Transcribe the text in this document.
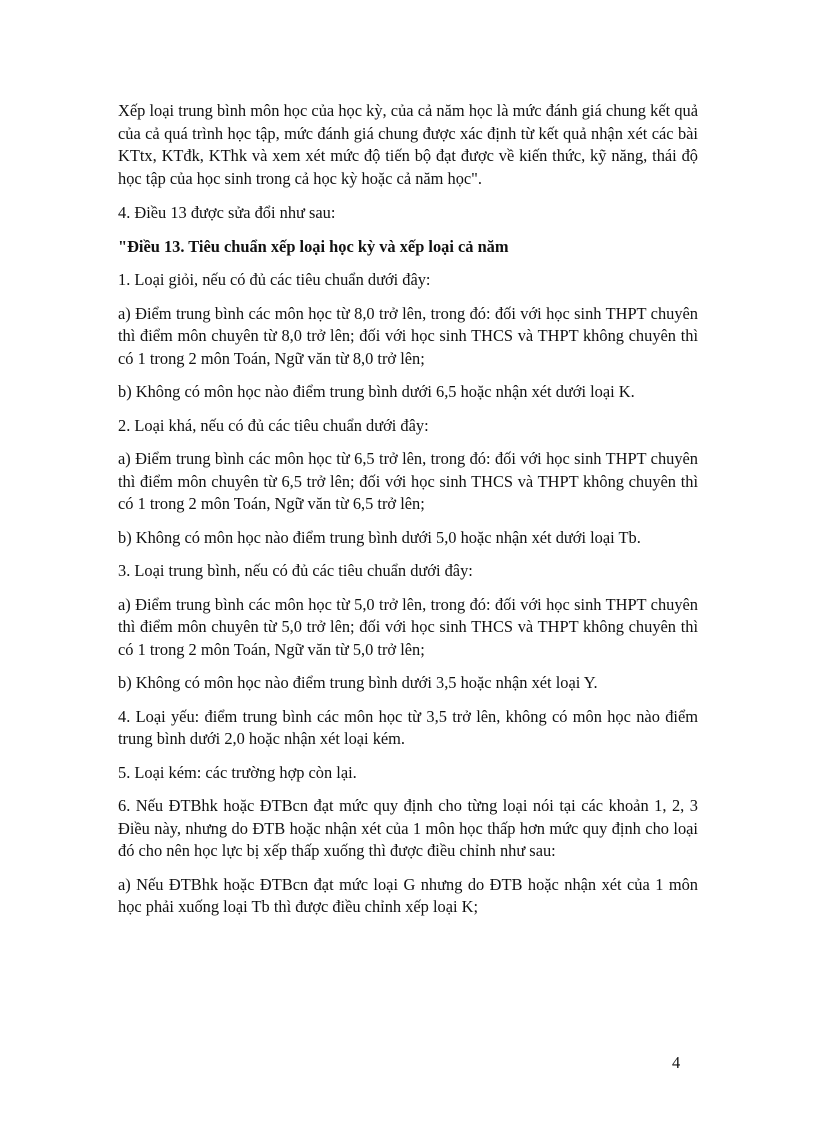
Xếp loại trung bình môn học của học kỳ, của cả năm học là mức đánh giá chung kết quả của cả quá trình học tập, mức đánh giá chung được xác định từ kết quả nhận xét các bài KTtx, KTđk, KThk và xem xét mức độ tiến bộ đạt được về kiến thức, kỹ năng, thái độ học tập của học sinh trong cả học kỳ hoặc cả năm học".

4. Điều 13 được sửa đổi như sau:

"Điều 13. Tiêu chuẩn xếp loại học kỳ và xếp loại cả năm

1. Loại giỏi, nếu có đủ các tiêu chuẩn dưới đây:

a) Điểm trung bình các môn học từ 8,0 trở lên, trong đó: đối với học sinh THPT chuyên thì điểm môn chuyên từ 8,0 trở lên; đối với học sinh THCS và THPT không chuyên thì có 1 trong 2 môn Toán, Ngữ văn từ 8,0 trở lên;

b) Không có môn học nào điểm trung bình dưới 6,5 hoặc nhận xét dưới loại K.

2. Loại khá, nếu có đủ các tiêu chuẩn dưới đây:

a) Điểm trung bình các môn học từ 6,5 trở lên, trong đó: đối với học sinh THPT chuyên thì điểm môn chuyên từ 6,5 trở lên; đối với học sinh THCS và THPT không chuyên thì có 1 trong 2 môn Toán, Ngữ văn từ 6,5 trở lên;

b) Không có môn học nào điểm trung bình dưới 5,0 hoặc nhận xét dưới loại Tb.

3. Loại trung bình, nếu có đủ các tiêu chuẩn dưới đây:

a) Điểm trung bình các môn học từ 5,0 trở lên, trong đó: đối với học sinh THPT chuyên thì điểm môn chuyên từ 5,0 trở lên; đối với học sinh THCS và THPT không chuyên thì có 1 trong 2 môn Toán, Ngữ văn từ 5,0 trở lên;

b) Không có môn học nào điểm trung bình dưới 3,5 hoặc nhận xét loại Y.

4. Loại yếu: điểm trung bình các môn học từ 3,5 trở lên, không có môn học nào điểm trung bình dưới 2,0 hoặc nhận xét loại kém.

5. Loại kém: các trường hợp còn lại.

6. Nếu ĐTBhk hoặc ĐTBcn đạt mức quy định cho từng loại nói tại các khoản 1, 2, 3 Điều này, nhưng do ĐTB hoặc nhận xét của 1 môn học thấp hơn mức quy định cho loại đó cho nên học lực bị xếp thấp xuống thì được điều chỉnh như sau:

a) Nếu ĐTBhk hoặc ĐTBcn đạt mức loại G nhưng do ĐTB hoặc nhận xét của 1 môn học phải xuống loại Tb thì được điều chỉnh xếp loại K;

4
